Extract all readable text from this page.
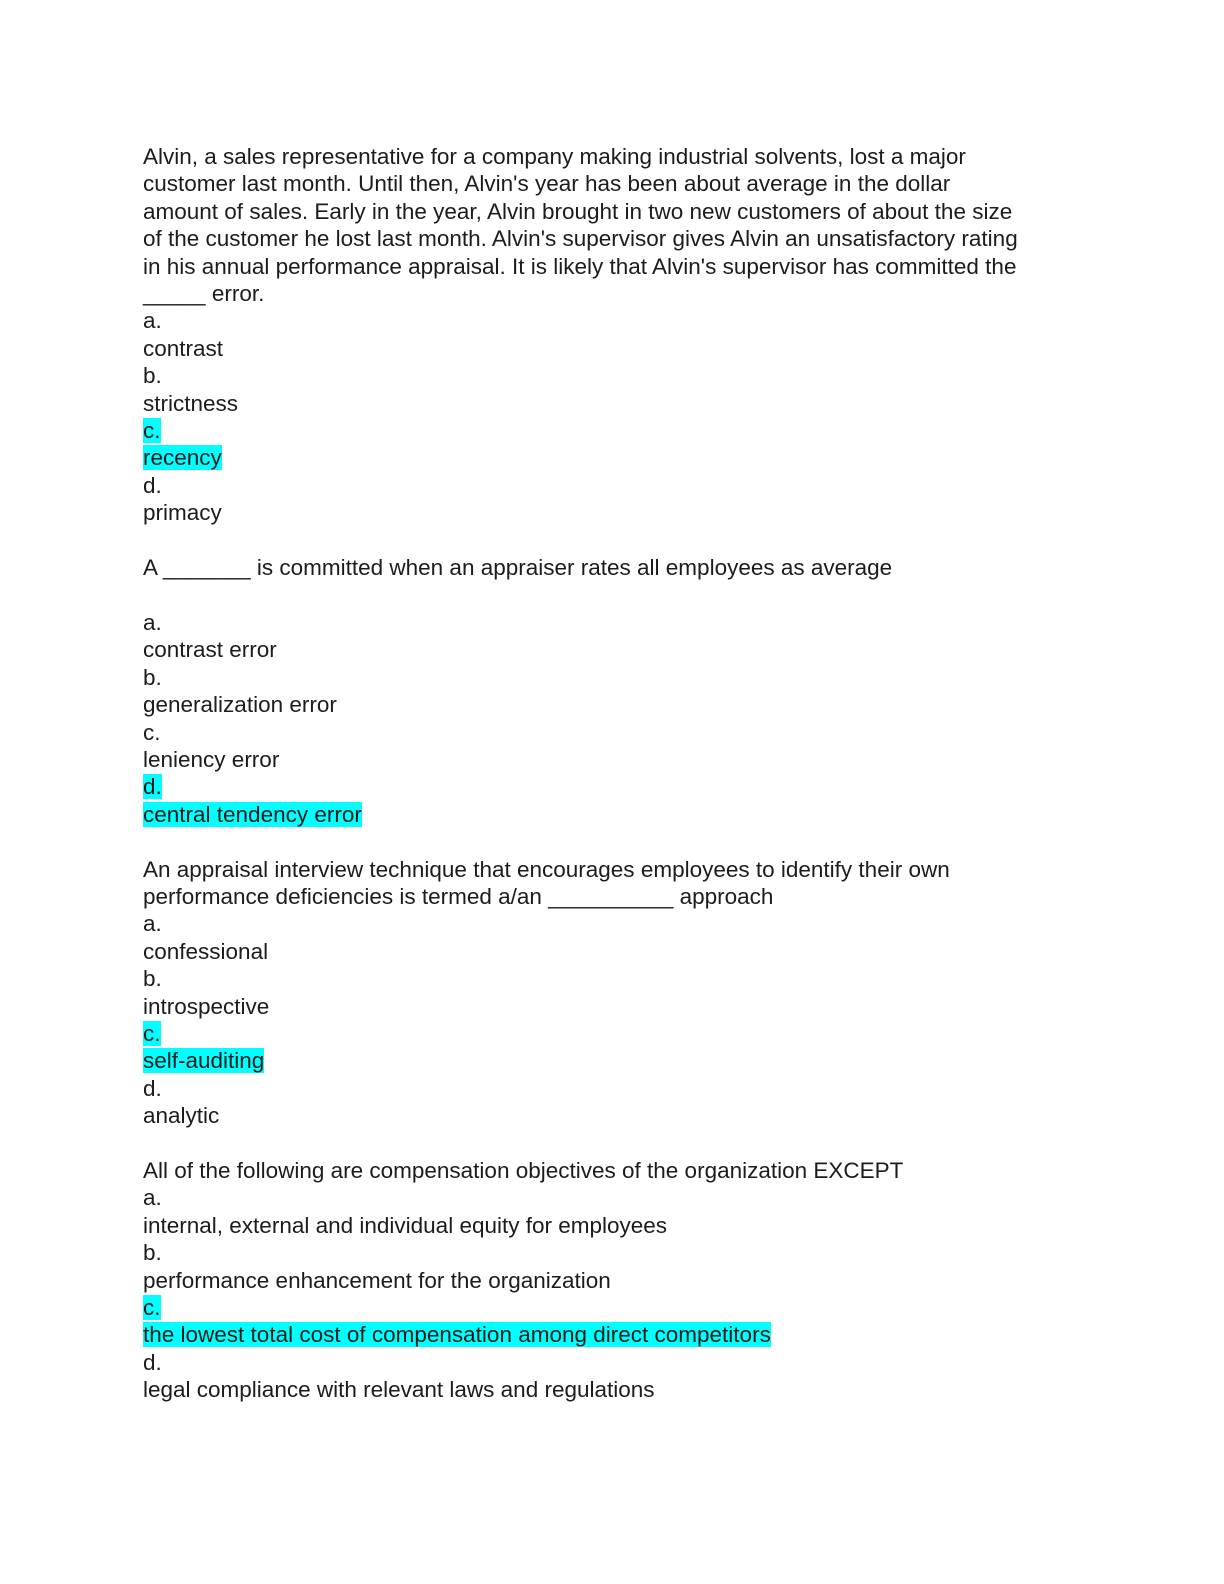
Alvin, a sales representative for a company making industrial solvents, lost a major
customer last month. Until then, Alvin's year has been about average in the dollar
amount of sales. Early in the year, Alvin brought in two new customers of about the size
of the customer he lost last month. Alvin's supervisor gives Alvin an unsatisfactory rating
in his annual performance appraisal. It is likely that Alvin's supervisor has committed the
_____ error.
a.
contrast
b.
strictness
c.
recency
d.
primacy
A _______ is committed when an appraiser rates all employees as average
a.
contrast error
b.
generalization error
c.
leniency error
d.
central tendency error
An appraisal interview technique that encourages employees to identify their own
performance deficiencies is termed a/an __________ approach
a.
confessional
b.
introspective
c.
self-auditing
d.
analytic
All of the following are compensation objectives of the organization EXCEPT
a.
internal, external and individual equity for employees
b.
performance enhancement for the organization
c.
the lowest total cost of compensation among direct competitors
d.
legal compliance with relevant laws and regulations
